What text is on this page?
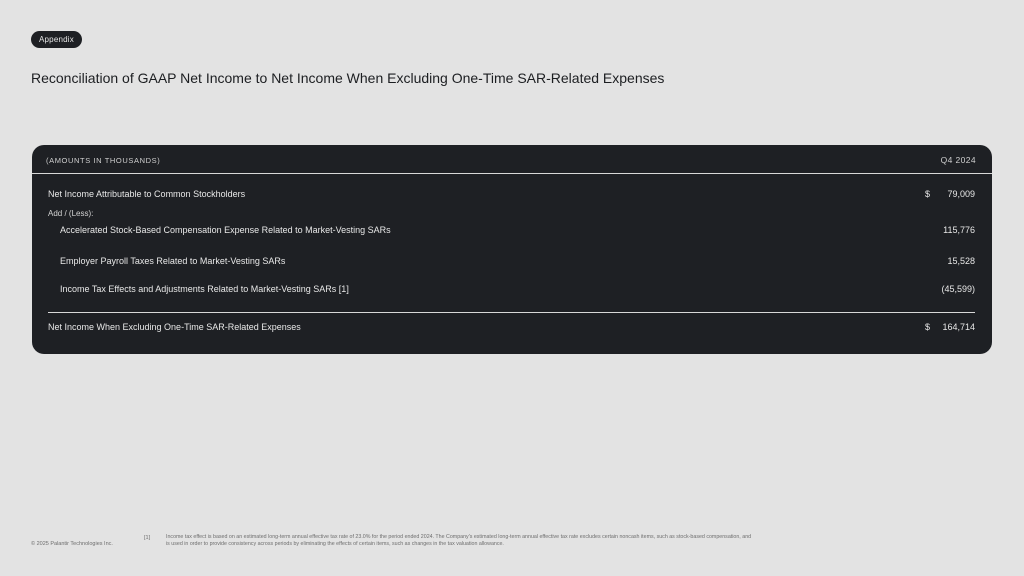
Appendix
Reconciliation of GAAP Net Income to Net Income When Excluding One-Time SAR-Related Expenses
(AMOUNTS IN THOUSANDS)	Q4 2024
Net Income Attributable to Common Stockholders	$ 79,009
Add / (Less):
Accelerated Stock-Based Compensation Expense Related to Market-Vesting SARs	115,776
Employer Payroll Taxes Related to Market-Vesting SARs	15,528
Income Tax Effects and Adjustments Related to Market-Vesting SARs [1]	(45,599)
Net Income When Excluding One-Time SAR-Related Expenses	$ 164,714
© 2025 Palantir Technologies Inc.
[1]	Income tax effect is based on an estimated long-term annual effective tax rate of 23.0% for the period ended 2024. The Company's estimated long-term annual effective tax rate excludes certain noncash items, such as stock-based compensation, and is used in order to provide consistency across periods by eliminating the effects of certain items, such as changes in the tax valuation allowance.
